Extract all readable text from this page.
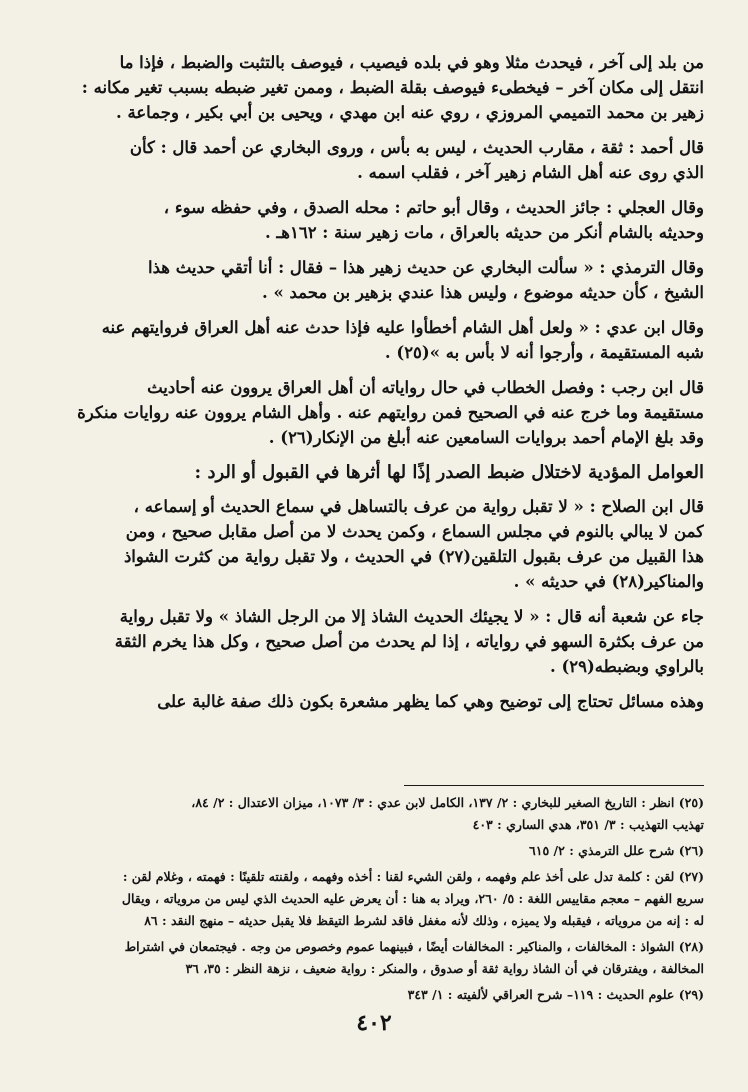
من بلد إلى آخر ، فيحدث مثلا وهو في بلده فيصيب ، فيوصف بالتثبت والضبط ، فإذا ما
انتقل إلى مكان آخر – فيخطىء فيوصف بقلة الضبط ، وممن تغير ضبطه بسبب تغير مكانه :
زهير بن محمد التميمي المروزي ، روي عنه ابن مهدي ، ويحيى بن أبي بكير ، وجماعة .
قال أحمد : ثقة ، مقارب الحديث ، ليس به بأس ، وروى البخاري عن أحمد قال : كأن
الذي روى عنه أهل الشام زهير آخر ، فقلب اسمه .
وقال العجلي : جائز الحديث ، وقال أبو حاتم : محله الصدق ، وفي حفظه سوء ،
وحديثه بالشام أنكر من حديثه بالعراق ، مات زهير سنة : ١٦٢هـ .
وقال الترمذي : « سألت البخاري عن حديث زهير هذا – فقال : أنا أتقي حديث هذا
الشيخ ، كأن حديثه موضوع ، وليس هذا عندي بزهير بن محمد » .
وقال ابن عدي : « ولعل أهل الشام أخطأوا عليه فإذا حدث عنه أهل العراق فروايتهم عنه
شبه المستقيمة ، وأرجوا أنه لا بأس به »(٢٥) .
قال ابن رجب : وفصل الخطاب في حال رواياته أن أهل العراق يروون عنه أحاديث
مستقيمة وما خرج عنه في الصحيح فمن روايتهم عنه . وأهل الشام يروون عنه روايات منكرة
وقد بلغ الإمام أحمد بروايات السامعين عنه أبلغ من الإنكار(٢٦) .
العوامل المؤدية لاختلال ضبط الصدر إذًا لها أثرها في القبول أو الرد :
قال ابن الصلاح : « لا تقبل رواية من عرف بالتساهل في سماع الحديث أو إسماعه ،
كمن لا يبالي بالنوم في مجلس السماع ، وكمن يحدث لا من أصل مقابل صحيح ، ومن
هذا القبيل من عرف بقبول التلقين(٢٧) في الحديث ، ولا تقبل رواية من كثرت الشواذ
والمناكير(٢٨) في حديثه » .
جاء عن شعبة أنه قال : « لا يجيئك الحديث الشاذ إلا من الرجل الشاذ » ولا تقبل رواية
من عرف بكثرة السهو في رواياته ، إذا لم يحدث من أصل صحيح ، وكل هذا يخرم الثقة
بالراوي وبضبطه(٢٩) .
وهذه مسائل تحتاج إلى توضيح وهي كما يظهر مشعرة بكون ذلك صفة غالبة على
(٢٥) انظر : التاريخ الصغير للبخاري : ٢/ ١٣٧، الكامل لابن عدي : ٣/ ١٠٧٣، ميزان الاعتدال : ٢/ ٨٤،
تهذيب التهذيب : ٣/ ٣٥١، هدي الساري : ٤٠٣
(٢٦) شرح علل الترمذي : ٢/ ٦١٥
(٢٧) لقن : كلمة تدل على أخذ علم وفهمه ، ولقن الشيء لقنا : أخذه وفهمه ، ولقنته تلقينًا : فهمته ، وغلام لقن :
سريع الفهم – معجم مقاييس اللغة : ٥/ ٢٦٠، ويراد به هنا : أن يعرض عليه الحديث الذي ليس من مروياته ، ويقال
له : إنه من مروياته ، فيقبله ولا يميزه ، وذلك لأنه مغفل فاقد لشرط التيقظ فلا يقبل حديثه – منهج النقد : ٨٦
(٢٨) الشواذ : المخالفات ، والمناكير : المخالفات أيضًا ، فبينهما عموم وخصوص من وجه . فيجتمعان في اشتراط
المخالفة ، ويفترقان في أن الشاذ رواية ثقة أو صدوق ، والمنكر : رواية ضعيف ، نزهة النظر : ٣٥، ٣٦
(٢٩) علوم الحديث : ١١٩– شرح العراقي لألفيته : ١/ ٣٤٣
٤٠٢
